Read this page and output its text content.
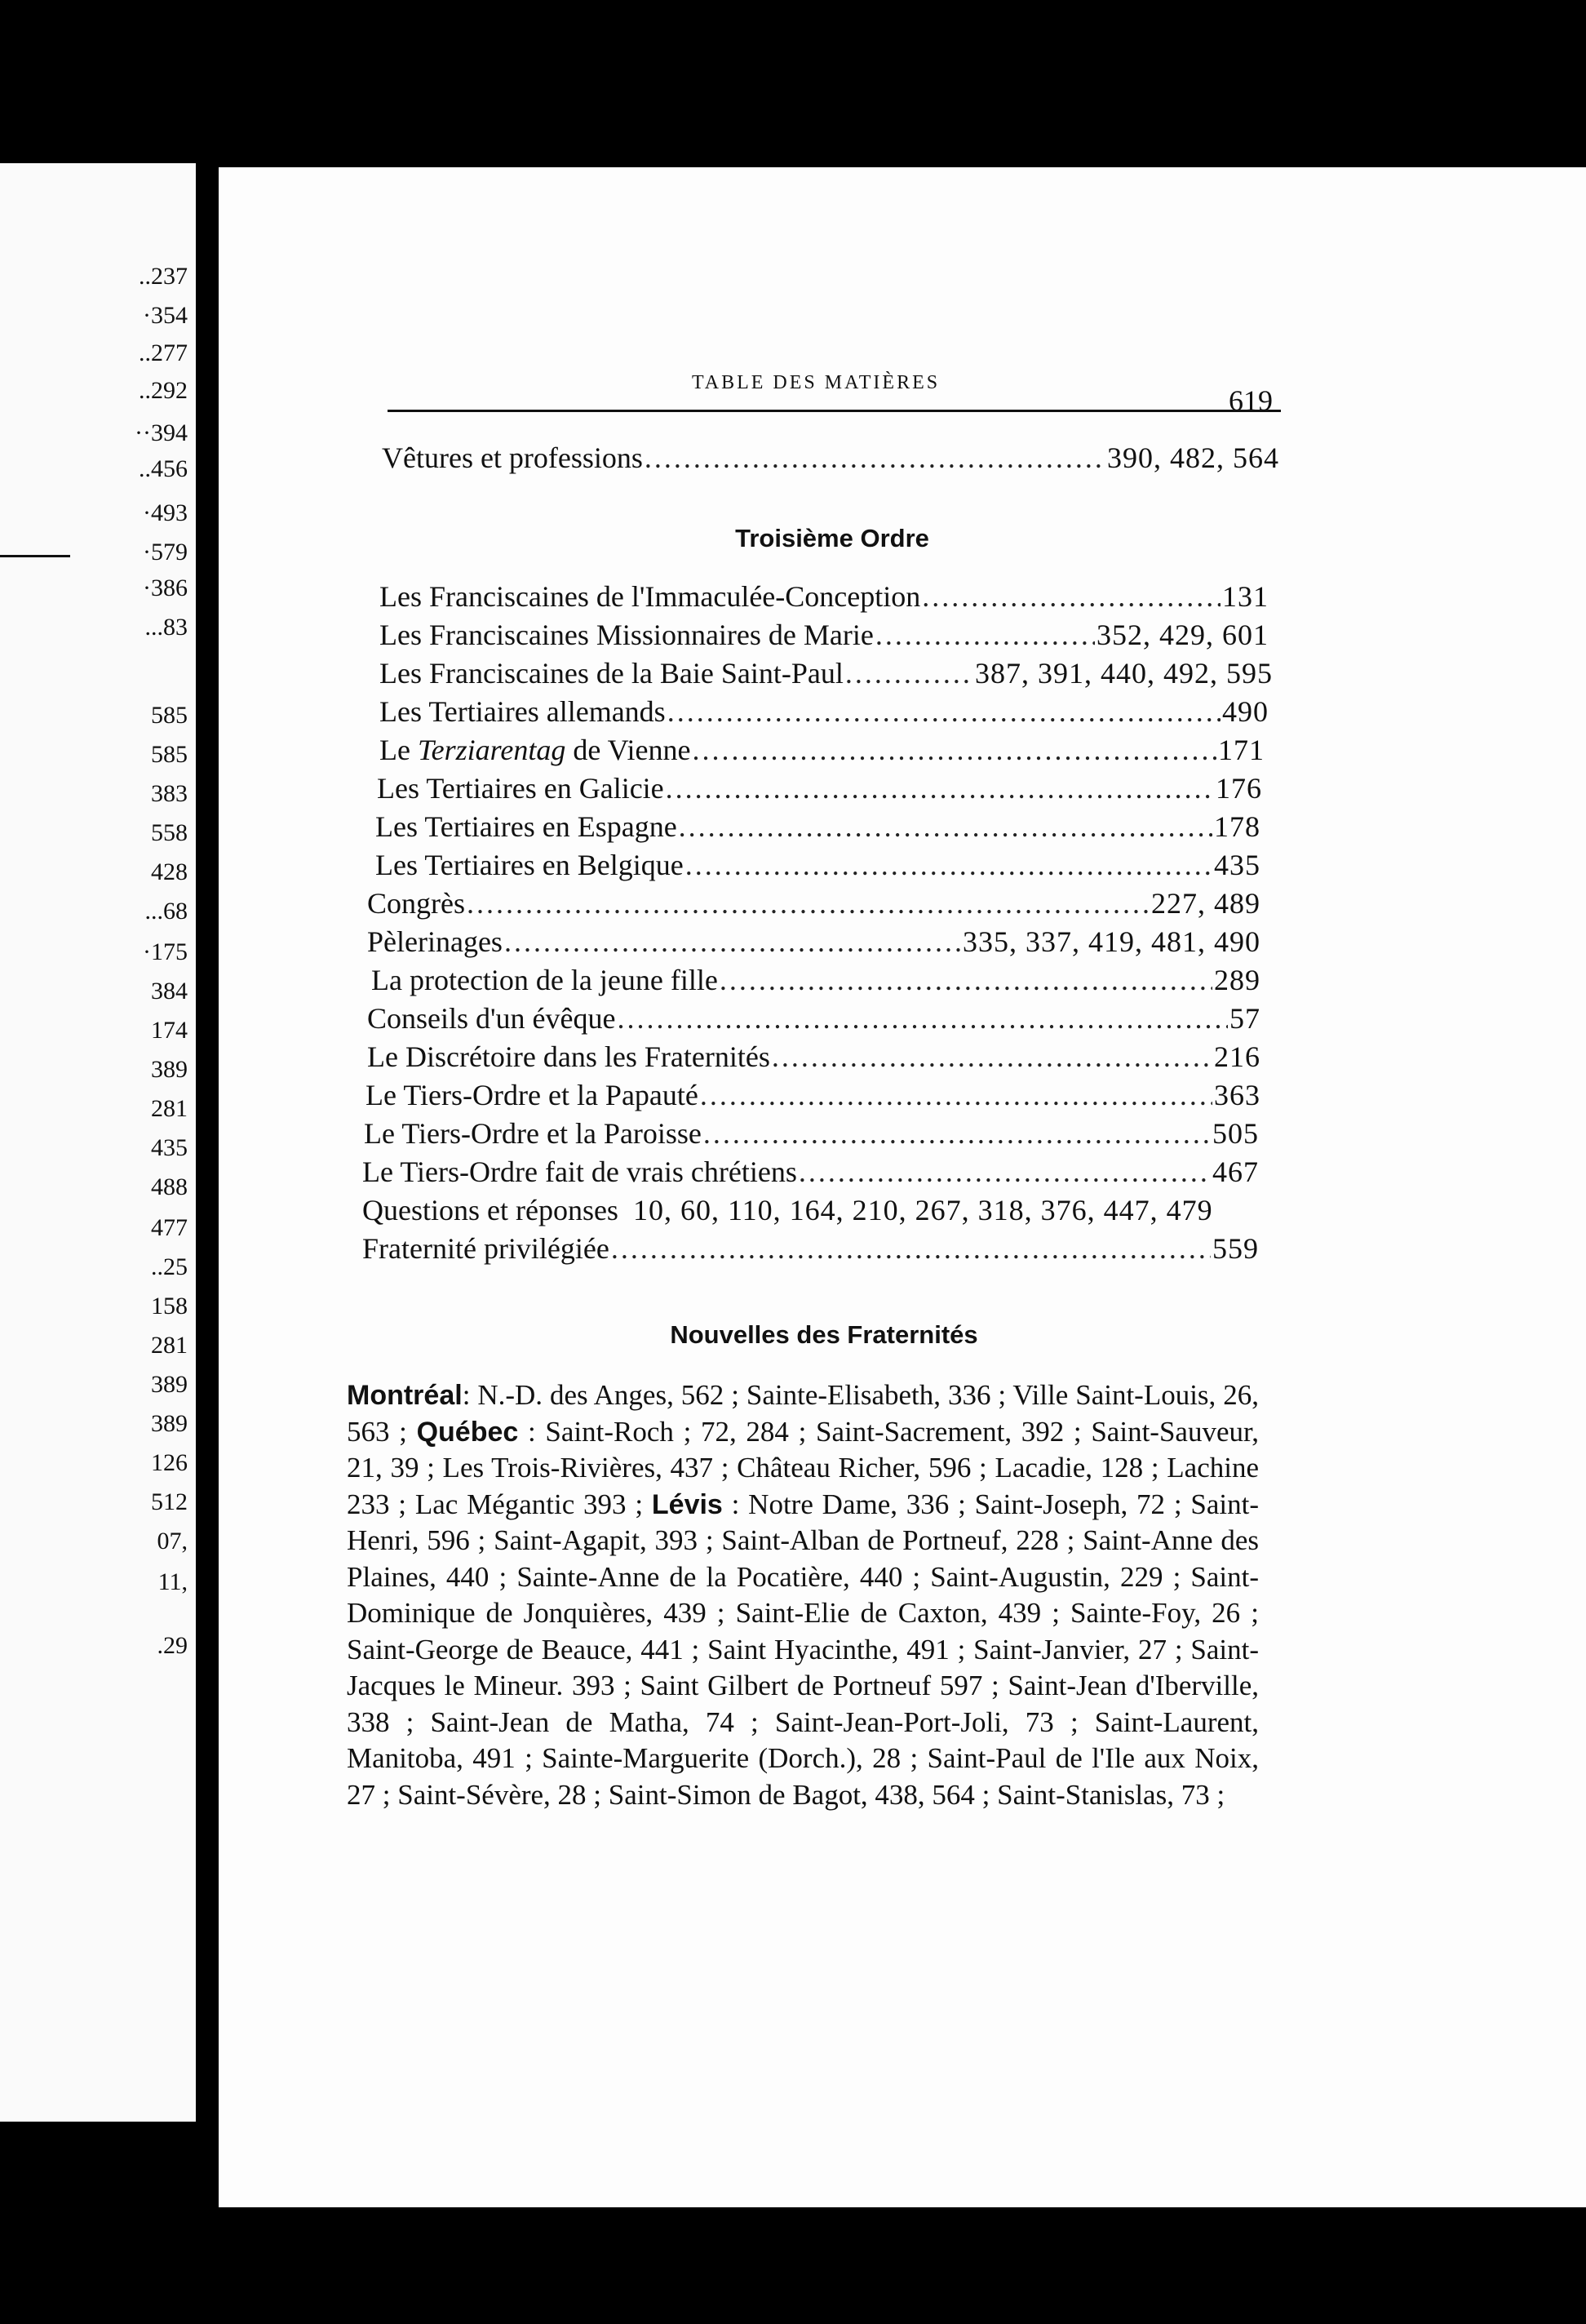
..237
·354
..277
..292
··394
..456
·493
·579
·386
...83
585
585
383
558
428
...68
·175
384
174
389
281
435
488
477
..25
158
281
389
389
126
512
07,
11,
.29
TABLE DES MATIÈRES
619
Vêtures et professions .....	390, 482, 564
Troisième Ordre
Les Franciscaines de l'Immaculée-Conception .....	131
Les Franciscaines Missionnaires de Marie .....	352, 429, 601
Les Franciscaines de la Baie Saint-Paul .....	387, 391, 440, 492, 595
Les Tertiaires allemands .....	490
Le Terziarentag de Vienne .....	171
Les Tertiaires en Galicie .....	176
Les Tertiaires en Espagne .....	178
Les Tertiaires en Belgique .....	435
Congrès .....	227, 489
Pèlerinages .....	335, 337, 419, 481, 490
La protection de la jeune fille .....	289
Conseils d'un évêque .....	57
Le Discrétoire dans les Fraternités .....	216
Le Tiers-Ordre et la Papauté .....	363
Le Tiers-Ordre et la Paroisse .....	505
Le Tiers-Ordre fait de vrais chrétiens .....	467
Questions et réponses 10, 60, 110, 164, 210, 267, 318, 376, 447, 479
Fraternité privilégiée .....	559
Nouvelles des Fraternités
Montréal: N.-D. des Anges, 562 ; Sainte-Elisabeth, 336 ; Ville Saint-Louis, 26, 563 ; Québec : Saint-Roch ; 72, 284 ; Saint-Sacrement, 392 ; Saint-Sauveur, 21, 39 ; Les Trois-Rivières, 437 ; Château Richer, 596 ; Lacadie, 128 ; Lachine 233 ; Lac Mégantic 393 ; Lévis : Notre Dame, 336 ; Saint-Joseph, 72 ; Saint-Henri, 596 ; Saint-Agapit, 393 ; Saint-Alban de Portneuf, 228 ; Saint-Anne des Plaines, 440 ; Sainte-Anne de la Pocatière, 440 ; Saint-Augustin, 229 ; Saint-Dominique de Jonquières, 439 ; Saint-Elie de Caxton, 439 ; Sainte-Foy, 26 ; Saint-George de Beauce, 441 ; Saint Hyacinthe, 491 ; Saint-Janvier, 27 ; Saint-Jacques le Mineur. 393 ; Saint Gilbert de Portneuf 597 ; Saint-Jean d'Iberville, 338 ; Saint-Jean de Matha, 74 ; Saint-Jean-Port-Joli, 73 ; Saint-Laurent, Manitoba, 491 ; Sainte-Marguerite (Dorch.), 28 ; Saint-Paul de l'Ile aux Noix, 27 ; Saint-Sévère, 28 ; Saint-Simon de Bagot, 438, 564 ; Saint-Stanislas, 73 ;
